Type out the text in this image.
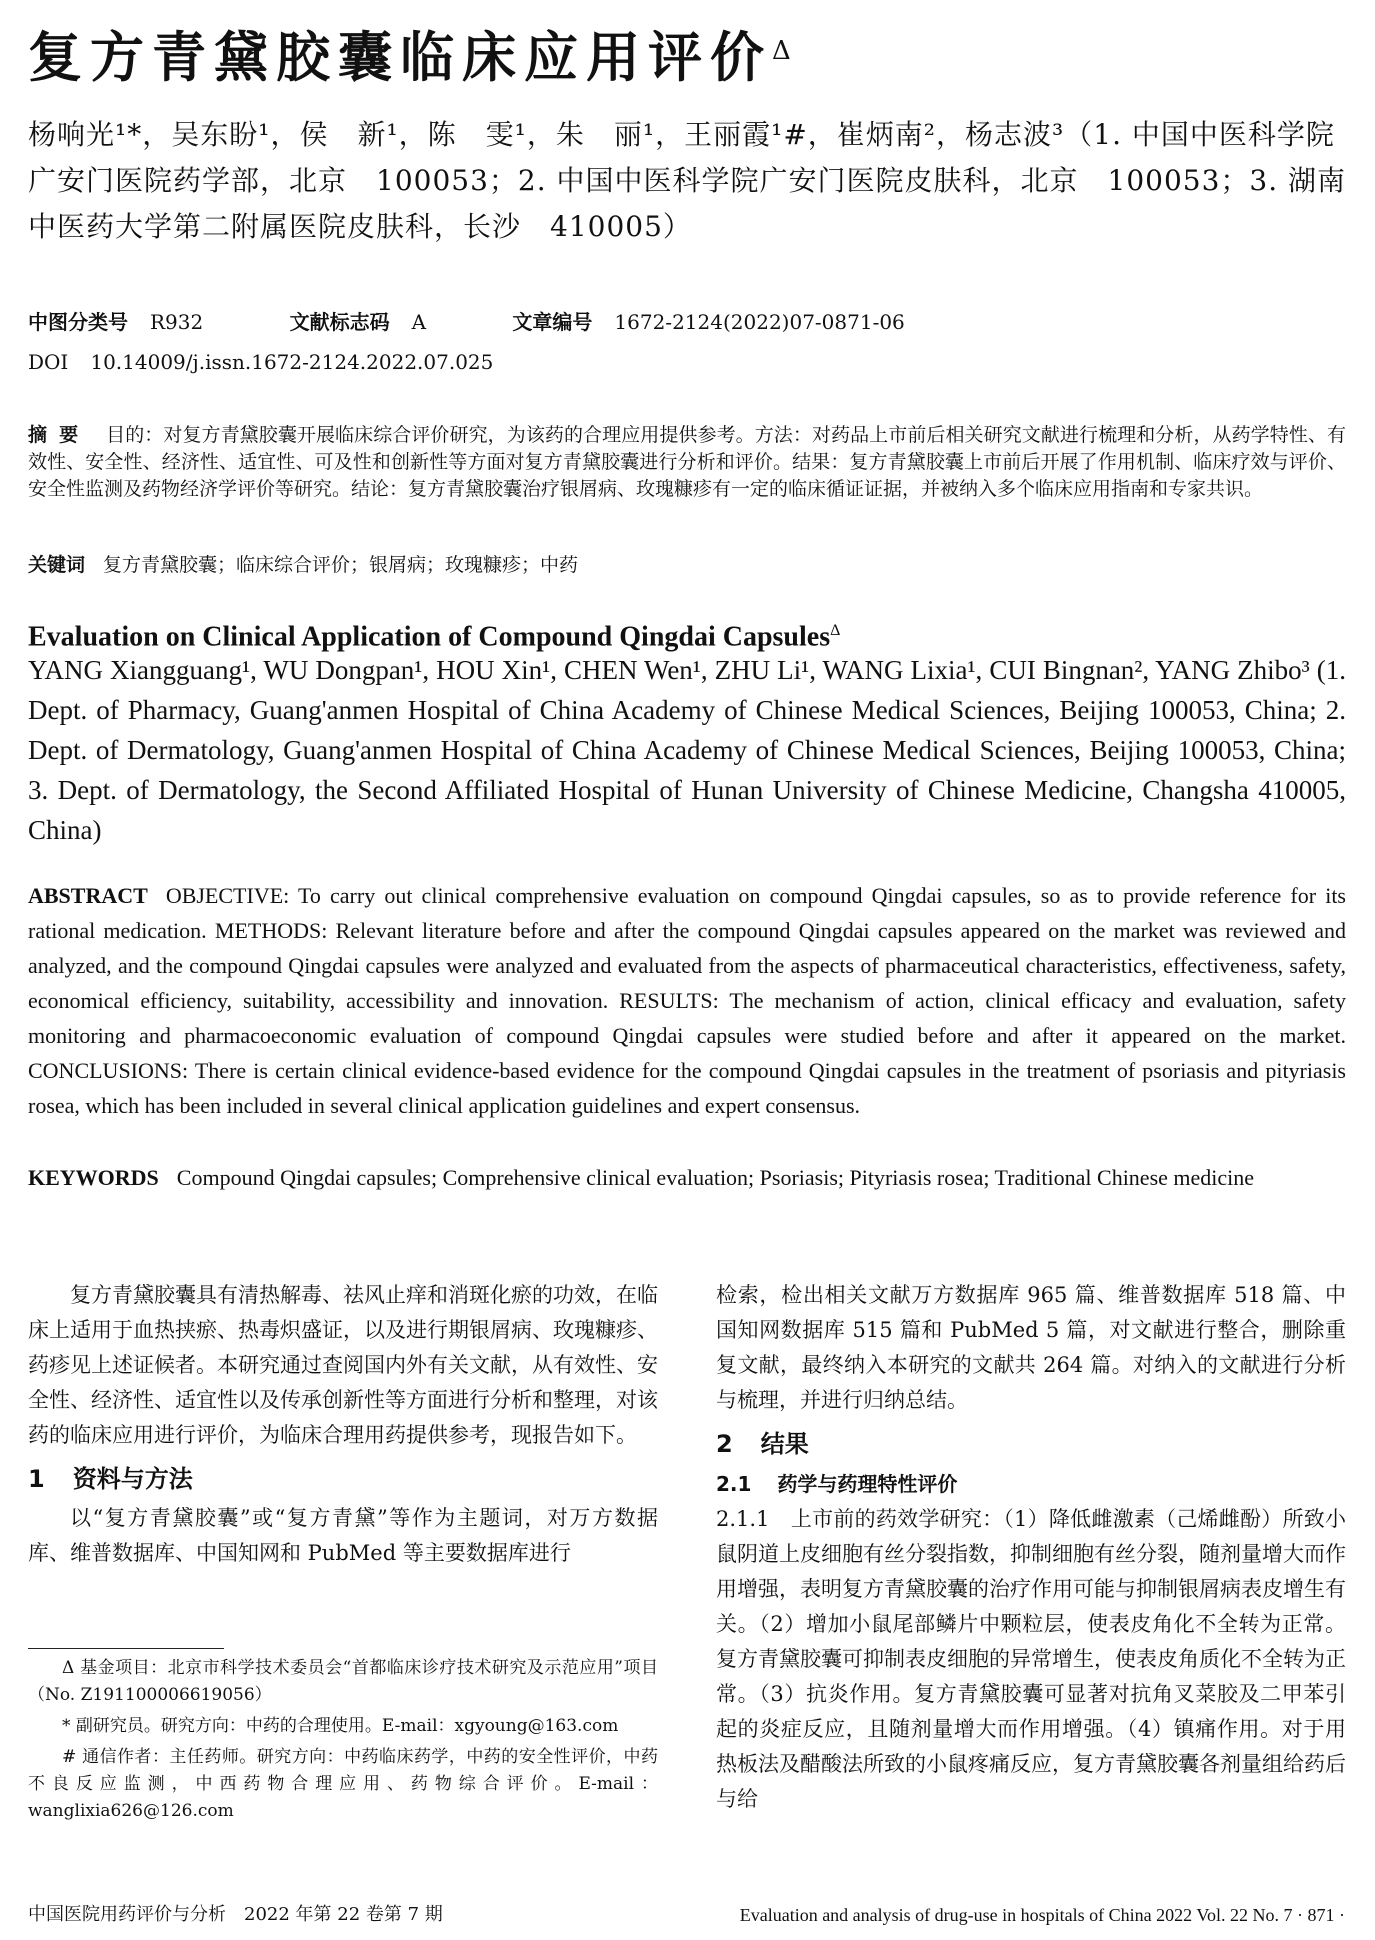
复方青黛胶囊临床应用评价$^\Delta$
杨响光¹*，吴东盼¹，侯　新¹，陈　雯¹，朱　丽¹，王丽霞¹#，崔炳南²，杨志波³（1. 中国中医科学院广安门医院药学部，北京　100053；2. 中国中医科学院广安门医院皮肤科，北京　100053；3. 湖南中医药大学第二附属医院皮肤科，长沙　410005）
中图分类号 R932	文献标志码 A	文章编号 1672-2124(2022)07-0871-06
DOI 10.14009/j.issn.1672-2124.2022.07.025
摘要 目的：对复方青黛胶囊开展临床综合评价研究，为该药的合理应用提供参考。方法：对药品上市前后相关研究文献进行梳理和分析，从药学特性、有效性、安全性、经济性、适宜性、可及性和创新性等方面对复方青黛胶囊进行分析和评价。结果：复方青黛胶囊上市前后开展了作用机制、临床疗效与评价、安全性监测及药物经济学评价等研究。结论：复方青黛胶囊治疗银屑病、玫瑰糠疹有一定的临床循证证据，并被纳入多个临床应用指南和专家共识。
关键词 复方青黛胶囊；临床综合评价；银屑病；玫瑰糠疹；中药
Evaluation on Clinical Application of Compound Qingdai Capsules$^\Delta$
YANG Xiangguang¹, WU Dongpan¹, HOU Xin¹, CHEN Wen¹, ZHU Li¹, WANG Lixia¹, CUI Bingnan², YANG Zhibo³ (1. Dept. of Pharmacy, Guang'anmen Hospital of China Academy of Chinese Medical Sciences, Beijing 100053, China; 2. Dept. of Dermatology, Guang'anmen Hospital of China Academy of Chinese Medical Sciences, Beijing 100053, China; 3. Dept. of Dermatology, the Second Affiliated Hospital of Hunan University of Chinese Medicine, Changsha 410005, China)
ABSTRACT OBJECTIVE: To carry out clinical comprehensive evaluation on compound Qingdai capsules, so as to provide reference for its rational medication. METHODS: Relevant literature before and after the compound Qingdai capsules appeared on the market was reviewed and analyzed, and the compound Qingdai capsules were analyzed and evaluated from the aspects of pharmaceutical characteristics, effectiveness, safety, economical efficiency, suitability, accessibility and innovation. RESULTS: The mechanism of action, clinical efficacy and evaluation, safety monitoring and pharmacoeconomic evaluation of compound Qingdai capsules were studied before and after it appeared on the market. CONCLUSIONS: There is certain clinical evidence-based evidence for the compound Qingdai capsules in the treatment of psoriasis and pityriasis rosea, which has been included in several clinical application guidelines and expert consensus.
KEYWORDS Compound Qingdai capsules; Comprehensive clinical evaluation; Psoriasis; Pityriasis rosea; Traditional Chinese medicine

复方青黛胶囊具有清热解毒、祛风止痒和消斑化瘀的功效，在临床上适用于血热挟瘀、热毒炽盛证，以及进行期银屑病、玫瑰糠疹、药疹见上述证候者。本研究通过查阅国内外有关文献，从有效性、安全性、经济性、适宜性以及传承创新性等方面进行分析和整理，对该药的临床应用进行评价，为临床合理用药提供参考，现报告如下。

1 资料与方法

以“复方青黛胶囊”或“复方青黛”等作为主题词，对万方数据库、维普数据库、中国知网和 PubMed 等主要数据库进行

Δ 基金项目：北京市科学技术委员会“首都临床诊疗技术研究及示范应用”项目（No. Z191100006619056）

* 副研究员。研究方向：中药的合理使用。E-mail：xgyoung@163.com

# 通信作者：主任药师。研究方向：中药临床药学，中药的安全性评价，中药不良反应监测，中西药物合理应用、药物综合评价。E-mail：wanglixia626@126.com

检索，检出相关文献万方数据库 965 篇、维普数据库 518 篇、中国知网数据库 515 篇和 PubMed 5 篇，对文献进行整合，删除重复文献，最终纳入本研究的文献共 264 篇。对纳入的文献进行分析与梳理，并进行归纳总结。

2 结果
2.1 药学与药理特性评价

2.1.1　上市前的药效学研究：（1）降低雌激素（己烯雌酚）所致小鼠阴道上皮细胞有丝分裂指数，抑制细胞有丝分裂，随剂量增大而作用增强，表明复方青黛胶囊的治疗作用可能与抑制银屑病表皮增生有关。（2）增加小鼠尾部鳞片中颗粒层，使表皮角化不全转为正常。复方青黛胶囊可抑制表皮细胞的异常增生，使表皮角质化不全转为正常。（3）抗炎作用。复方青黛胶囊可显著对抗角叉菜胶及二甲苯引起的炎症反应，且随剂量增大而作用增强。（4）镇痛作用。对于用热板法及醋酸法所致的小鼠疼痛反应，复方青黛胶囊各剂量组给药后与给

中国医院用药评价与分析　2022 年第 22 卷第 7 期	Evaluation and analysis of drug-use in hospitals of China 2022 Vol. 22 No. 7 · 871 ·
